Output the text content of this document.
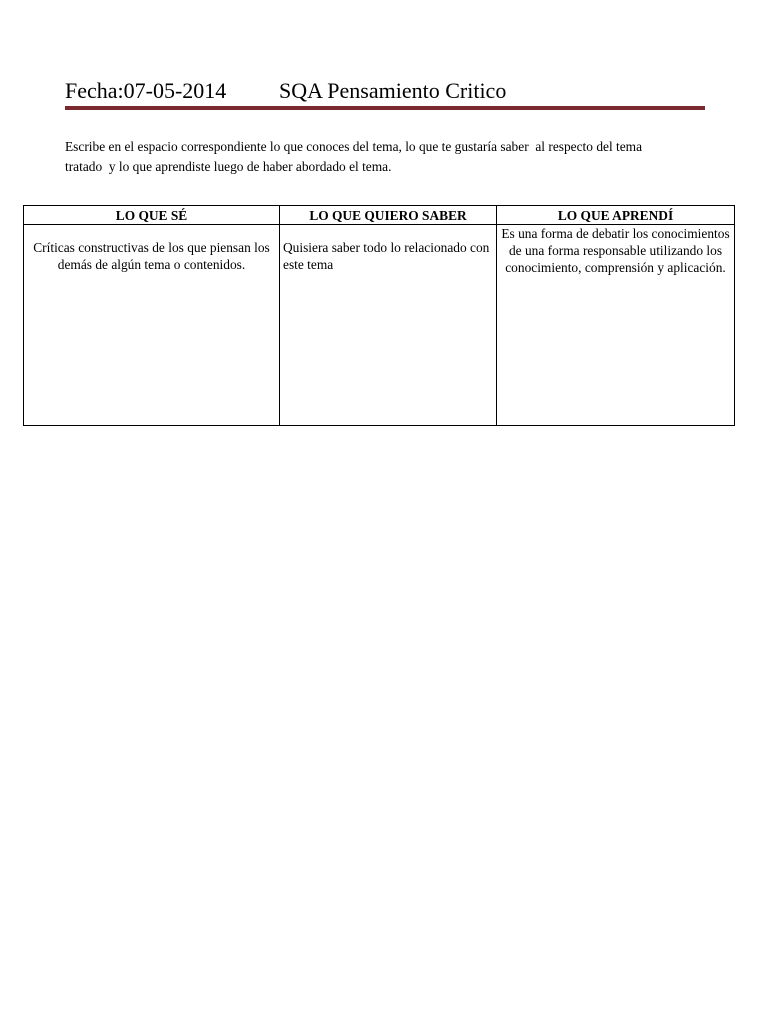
Fecha:07-05-2014 SQA Pensamiento Critico
Escribe en el espacio correspondiente lo que conoces del tema, lo que te gustaría saber  al respecto del tema
tratado  y lo que aprendiste luego de haber abordado el tema.
LO QUE SÉ	LO QUE QUIERO SABER	LO QUE APRENDÍ
Críticas constructivas de los que piensan los demás de algún tema o contenidos.	Quisiera saber todo lo relacionado con este tema	Es una forma de debatir los conocimientos de una forma responsable utilizando los conocimiento, comprensión y aplicación.
